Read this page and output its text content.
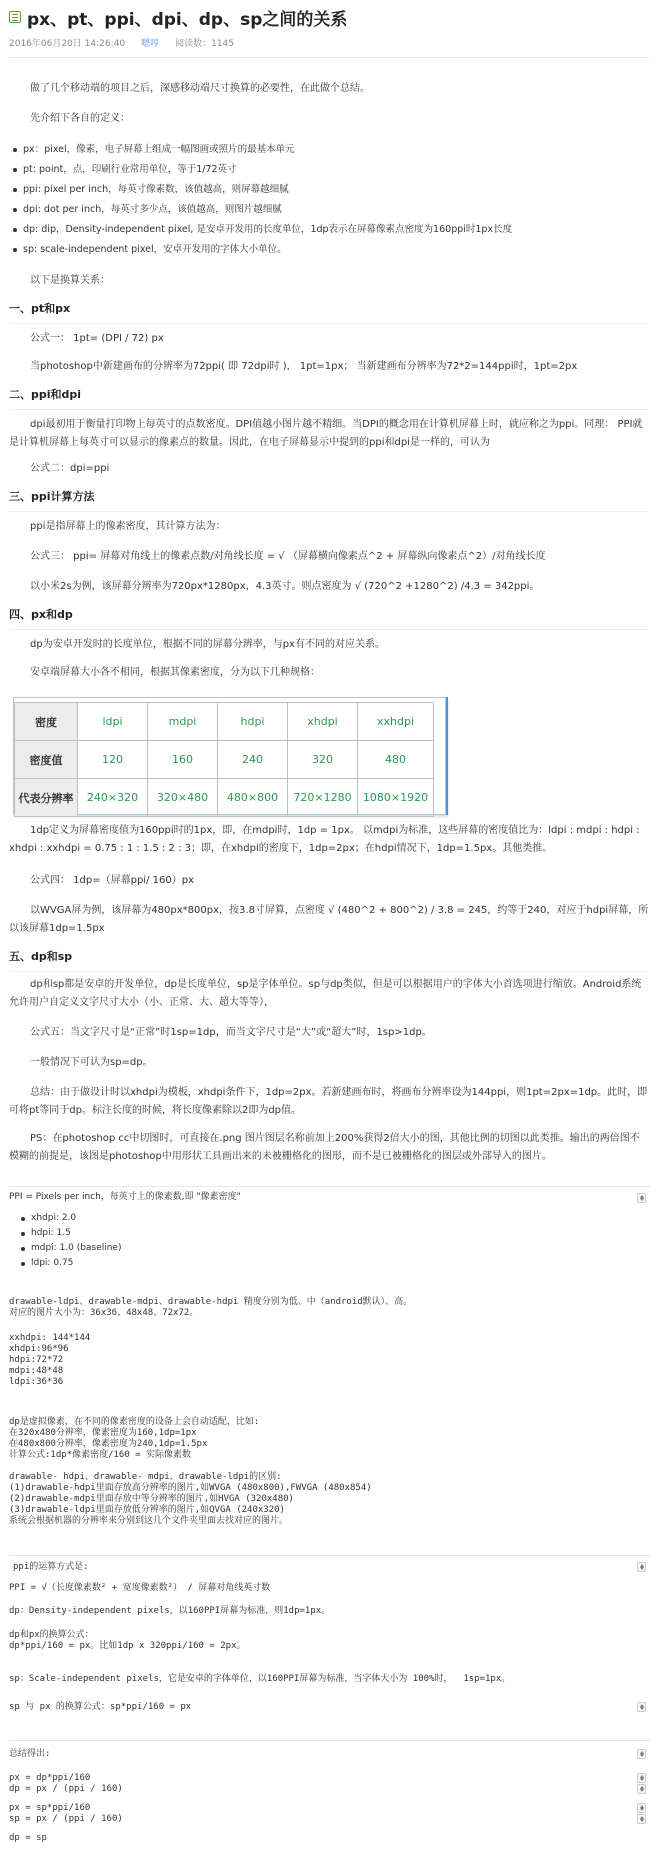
px、pt、ppi、dpi、dp、sp之间的关系
2016年06月20日 14:26:40 嗯哼 阅读数：1145

做了几个移动端的项目之后，深感移动端尺寸换算的必要性，在此做个总结。

先介绍下各自的定义：

px：pixel，像素，电子屏幕上组成一幅图画或照片的最基本单元
pt: point，点，印刷行业常用单位，等于1/72英寸
ppi: pixel per inch，每英寸像素数，该值越高，则屏幕越细腻
dpi: dot per inch，每英寸多少点，该值越高，则图片越细腻
dp: dip，Density-independent pixel, 是安卓开发用的长度单位，1dp表示在屏幕像素点密度为160ppi时1px长度
sp: scale-independent pixel，安卓开发用的字体大小单位。

以下是换算关系：

一、pt和px

公式一： 1pt= (DPI / 72) px

当photoshop中新建画布的分辨率为72ppi( 即 72dpi时 )， 1pt=1px； 当新建画布分辨率为72*2=144ppi时，1pt=2px

二、ppi和dpi

dpi最初用于衡量打印物上每英寸的点数密度。DPI值越小图片越不精细。当DPI的概念用在计算机屏幕上时，就应称之为ppi。同理： PPI就是计算机屏幕上每英寸可以显示的像素点的数量。因此，在电子屏幕显示中提到的ppi和dpi是一样的，可认为

公式二：dpi=ppi

三、ppi计算方法

ppi是指屏幕上的像素密度，其计算方法为：

公式三： ppi= 屏幕对角线上的像素点数/对角线长度 = √ （屏幕横向像素点^2 + 屏幕纵向像素点^2）/对角线长度

以小米2s为例，该屏幕分辨率为720px*1280px，4.3英寸。则点密度为 √ (720^2 +1280^2) /4.3 = 342ppi。

四、px和dp

dp为安卓开发时的长度单位，根据不同的屏幕分辨率，与px有不同的对应关系。

安卓端屏幕大小各不相同，根据其像素密度，分为以下几种规格：

密度	ldpi	mdpi	hdpi	xhdpi	xxhdpi
密度值	120	160	240	320	480
代表分辨率	240×320	320×480	480×800	720×1280	1080×1920

1dp定义为屏幕密度值为160ppi时的1px，即，在mdpi时，1dp = 1px。 以mdpi为标准，这些屏幕的密度值比为：ldpi : mdpi : hdpi : xhdpi : xxhdpi = 0.75 : 1 : 1.5 : 2 : 3；即，在xhdpi的密度下，1dp=2px；在hdpi情况下，1dp=1.5px。其他类推。

公式四： 1dp=（屏幕ppi/ 160）px

以WVGA屏为例，该屏幕为480px*800px，按3.8寸屏算，点密度 √ (480^2 + 800^2) / 3.8 = 245，约等于240，对应于hdpi屏幕，所以该屏幕1dp=1.5px

五、dp和sp

dp和sp都是安卓的开发单位，dp是长度单位，sp是字体单位。sp与dp类似，但是可以根据用户的字体大小首选项进行缩放。Android系统允许用户自定义文字尺寸大小（小、正常、大、超大等等），

公式五：当文字尺寸是“正常”时1sp=1dp，而当文字尺寸是“大”或“超大”时，1sp>1dp。

一般情况下可认为sp=dp。

总结：由于做设计时以xhdpi为模板，xhdpi条件下，1dp=2px。若新建画布时，将画布分辨率设为144ppi，则1pt=2px=1dp。此时，即可将pt等同于dp。标注长度的时候，将长度像素除以2即为dp值。

PS：在photoshop cc中切图时，可直接在.png 图片图层名称前加上200%获得2倍大小的图，其他比例的切图以此类推。输出的两倍图不模糊的前提是，该图是photoshop中用形状工具画出来的未被栅格化的图形，而不是已被栅格化的图层或外部导入的图片。

PPI = Pixels per inch，每英寸上的像素数,即 "像素密度"
xhdpi: 2.0
hdpi: 1.5
mdpi: 1.0 (baseline)
ldpi: 0.75
drawable-ldpi、drawable-mdpi、drawable-hdpi 精度分别为低、中（android默认）、高。
对应的图片大小为：36x36、48x48、72x72。
xxhdpi: 144*144
xhdpi:96*96
hdpi:72*72
mdpi:48*48
ldpi:36*36
dp是虚拟像素，在不同的像素密度的设备上会自动适配，比如:
在320x480分辨率，像素密度为160,1dp=1px
在480x800分辨率，像素密度为240,1dp=1.5px
计算公式:1dp*像素密度/160 = 实际像素数
drawable- hdpi、drawable- mdpi、drawable-ldpi的区别:
(1)drawable-hdpi里面存放高分辨率的图片,如WVGA (480x800),FWVGA (480x854)
(2)drawable-mdpi里面存放中等分辨率的图片,如HVGA (320x480)
(3)drawable-ldpi里面存放低分辨率的图片,如QVGA (240x320)
系统会根据机器的分辨率来分别到这几个文件夹里面去找对应的图片。
ppi的运算方式是:
PPI = √（长度像素数² + 宽度像素数²） / 屏幕对角线英寸数
dp：Density-independent pixels，以160PPI屏幕为标准，则1dp=1px。
dp和px的换算公式：
dp*ppi/160 = px。比如1dp x 320ppi/160 = 2px。
sp：Scale-independent pixels，它是安卓的字体单位，以160PPI屏幕为标准，当字体大小为 100%时，  1sp=1px。
sp 与 px 的换算公式：sp*ppi/160 = px
总结得出:
px = dp*ppi/160
dp = px / (ppi / 160)
px = sp*ppi/160
sp = px / (ppi / 160)
dp = sp
